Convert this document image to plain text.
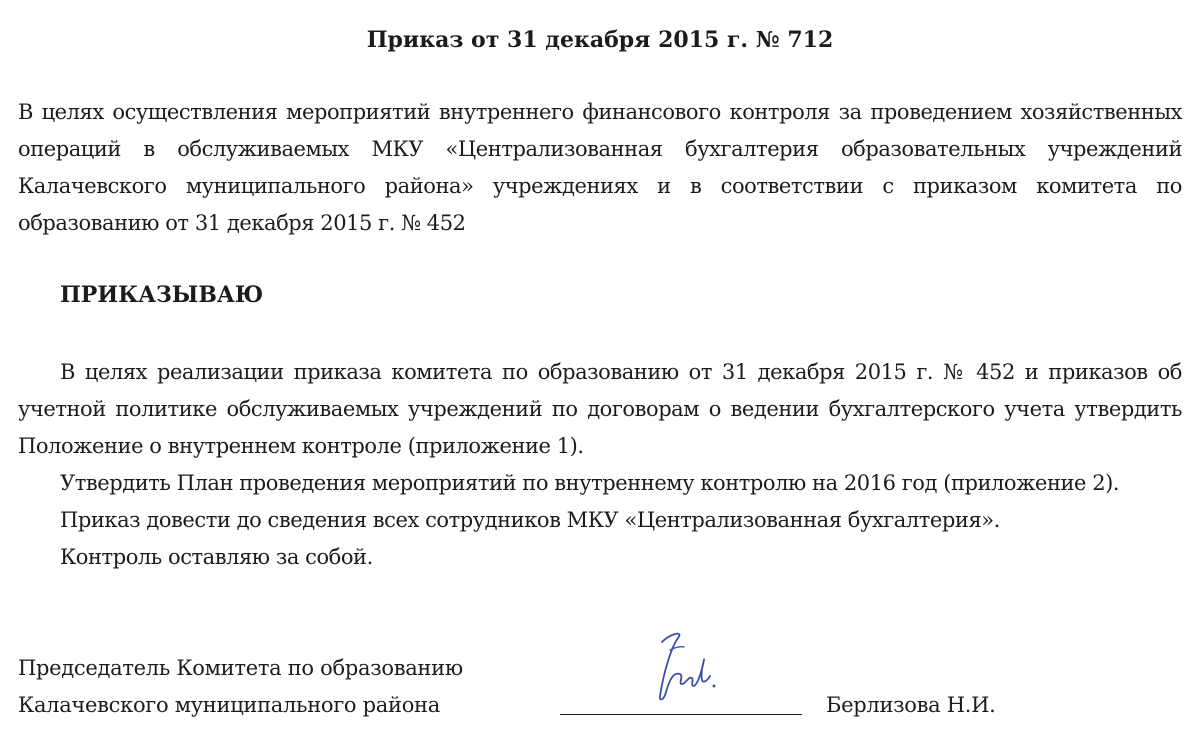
Приказ от 31 декабря 2015 г. № 712

В целях осуществления мероприятий внутреннего финансового контроля за проведением хозяйственных операций в обслуживаемых МКУ «Централизованная бухгалтерия образовательных учреждений Калачевского муниципального района» учреждениях и в соответствии с приказом комитета по образованию от 31 декабря 2015 г. № 452

ПРИКАЗЫВАЮ

В целях реализации приказа комитета по образованию от 31 декабря 2015 г. № 452 и приказов об учетной политике обслуживаемых учреждений по договорам о ведении бухгалтерского учета утвердить Положение о внутреннем контроле (приложение 1).

Утвердить План проведения мероприятий по внутреннему контролю на 2016 год (приложение 2).

Приказ довести до сведения всех сотрудников МКУ «Централизованная бухгалтерия».

Контроль оставляю за собой.

Председатель Комитета по образованию
Калачевского муниципального района	Берлизова Н.И.
